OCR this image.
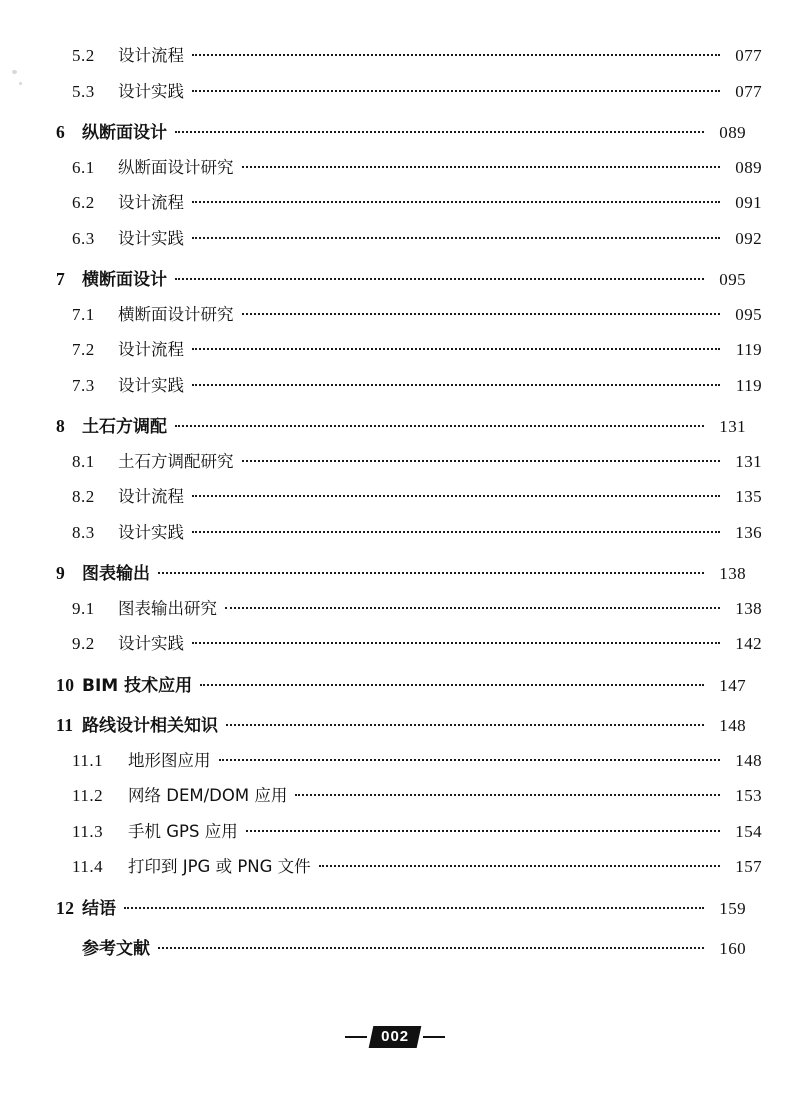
5.2	设计流程	077
5.3	设计实践	077
6 纵断面设计	089
6.1	纵断面设计研究	089
6.2	设计流程	091
6.3	设计实践	092
7 横断面设计	095
7.1	横断面设计研究	095
7.2	设计流程	119
7.3	设计实践	119
8 土石方调配	131
8.1	土石方调配研究	131
8.2	设计流程	135
8.3	设计实践	136
9 图表输出	138
9.1	图表输出研究	138
9.2	设计实践	142
10 BIM 技术应用	147
11 路线设计相关知识	148
11.1	地形图应用	148
11.2	网络 DEM/DOM 应用	153
11.3	手机 GPS 应用	154
11.4	打印到 JPG 或 PNG 文件	157
12 结语	159
参考文献	160
002
